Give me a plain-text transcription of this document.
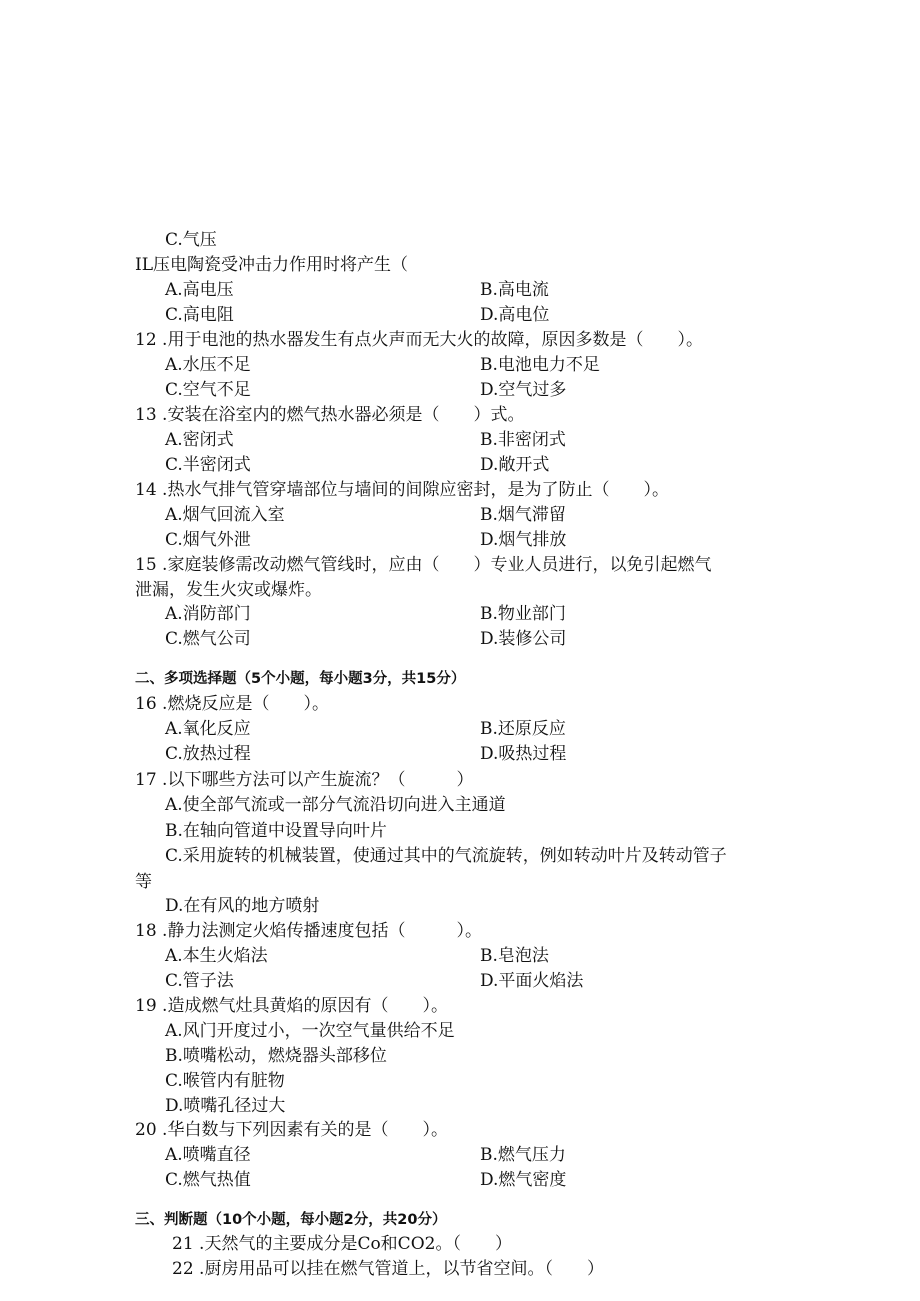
C.气压
IL压电陶瓷受冲击力作用时将产生（
A.高电压	B.高电流
C.高电阻	D.高电位
12 .用于电池的热水器发生有点火声而无大火的故障，原因多数是（　　）。
A.水压不足	B.电池电力不足
C.空气不足	D.空气过多
13 .安装在浴室内的燃气热水器必须是（　　）式。
A.密闭式	B.非密闭式
C.半密闭式	D.敞开式
14 .热水气排气管穿墙部位与墙间的间隙应密封，是为了防止（　　）。
A.烟气回流入室	B.烟气滞留
C.烟气外泄	D.烟气排放
15 .家庭装修需改动燃气管线时，应由（　　）专业人员进行，以免引起燃气
泄漏，发生火灾或爆炸。
A.消防部门	B.物业部门
C.燃气公司	D.装修公司
二、多项选择题（5个小题，每小题3分，共15分）
16 .燃烧反应是（　　）。
A.氧化反应	B.还原反应
C.放热过程	D.吸热过程
17 .以下哪些方法可以产生旋流？（　　　）
A.使全部气流或一部分气流沿切向进入主通道
B.在轴向管道中设置导向叶片
C.采用旋转的机械装置，使通过其中的气流旋转，例如转动叶片及转动管子
等
D.在有风的地方喷射
18 .静力法测定火焰传播速度包括（　　　）。
A.本生火焰法	B.皂泡法
C.管子法	D.平面火焰法
19 .造成燃气灶具黄焰的原因有（　　）。
A.风门开度过小，一次空气量供给不足
B.喷嘴松动，燃烧器头部移位
C.喉管内有脏物
D.喷嘴孔径过大
20 .华白数与下列因素有关的是（　　）。
A.喷嘴直径	B.燃气压力
C.燃气热值	D.燃气密度
三、判断题（10个小题，每小题2分，共20分）
21 .天然气的主要成分是Co和CO2。（　　）
22 .厨房用品可以挂在燃气管道上，以节省空间。（　　）
